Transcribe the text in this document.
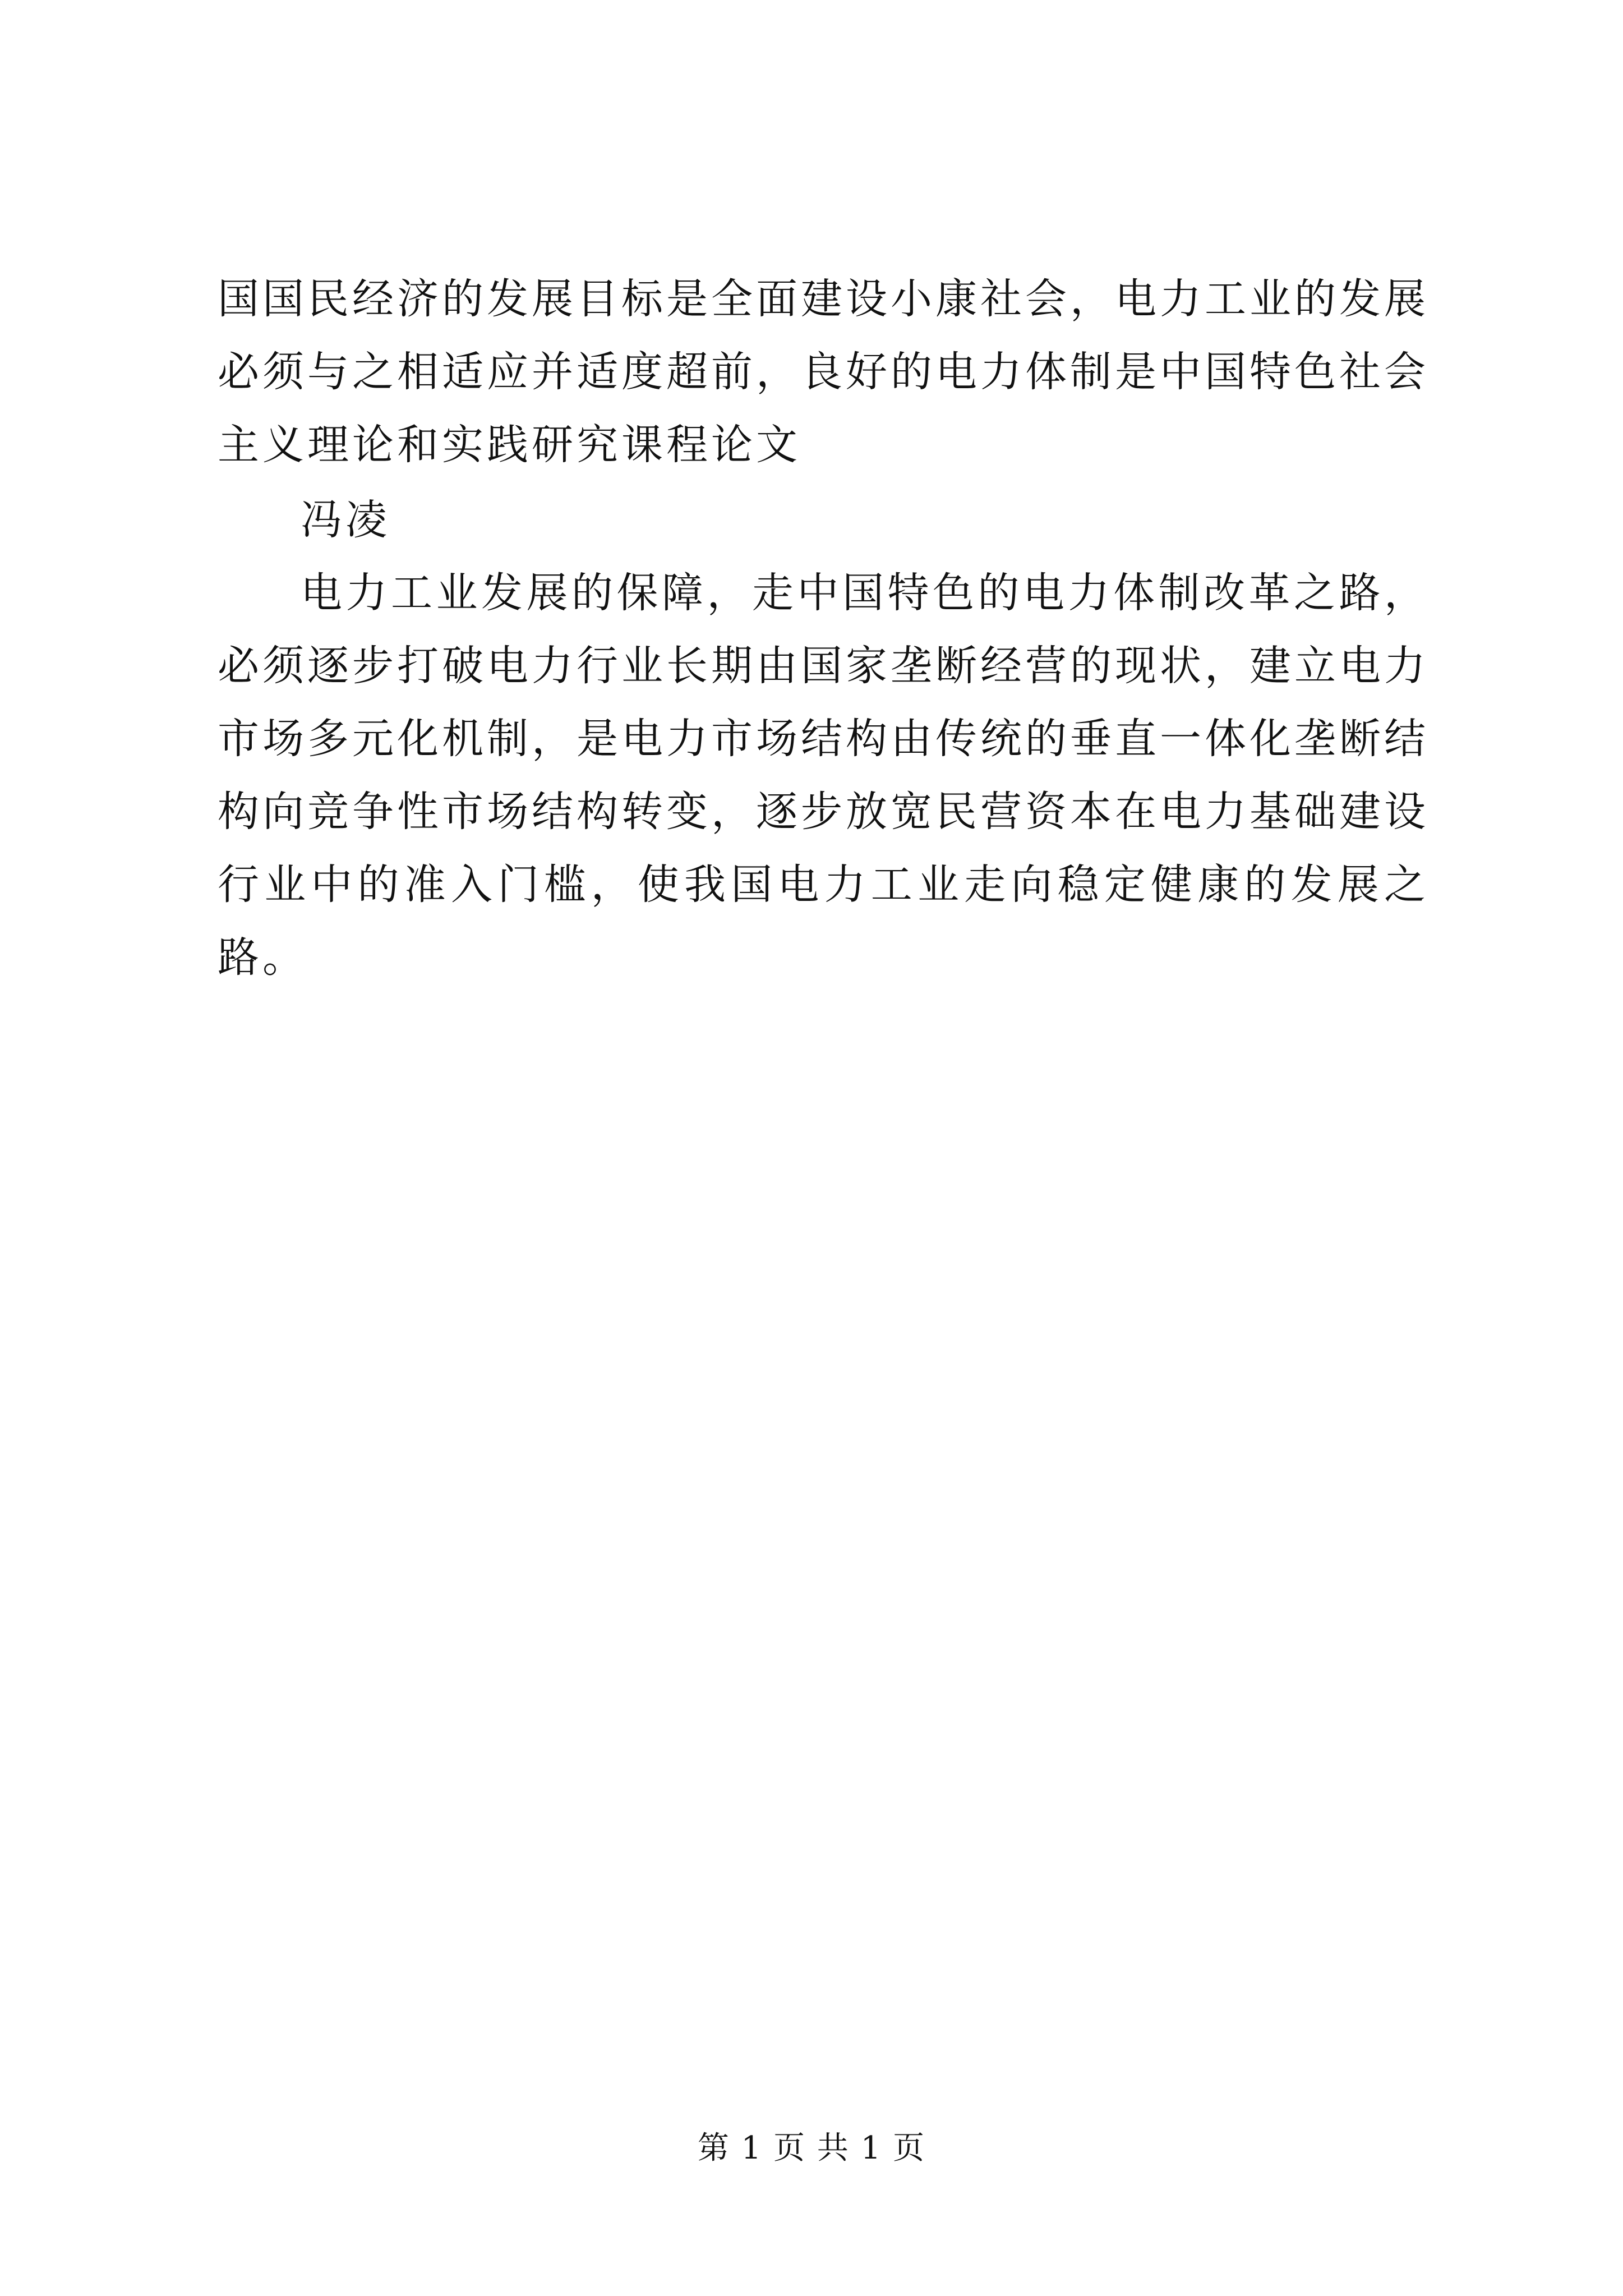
国国民经济的发展目标是全面建设小康社会，电力工业的发展必须与之相适应并适度超前，良好的电力体制是中国特色社会主义理论和实践研究课程论文

冯凌

电力工业发展的保障，走中国特色的电力体制改革之路，必须逐步打破电力行业长期由国家垄断经营的现状，建立电力市场多元化机制，是电力市场结构由传统的垂直一体化垄断结构向竞争性市场结构转变，逐步放宽民营资本在电力基础建设行业中的准入门槛，使我国电力工业走向稳定健康的发展之路。

第 1 页 共 1 页
